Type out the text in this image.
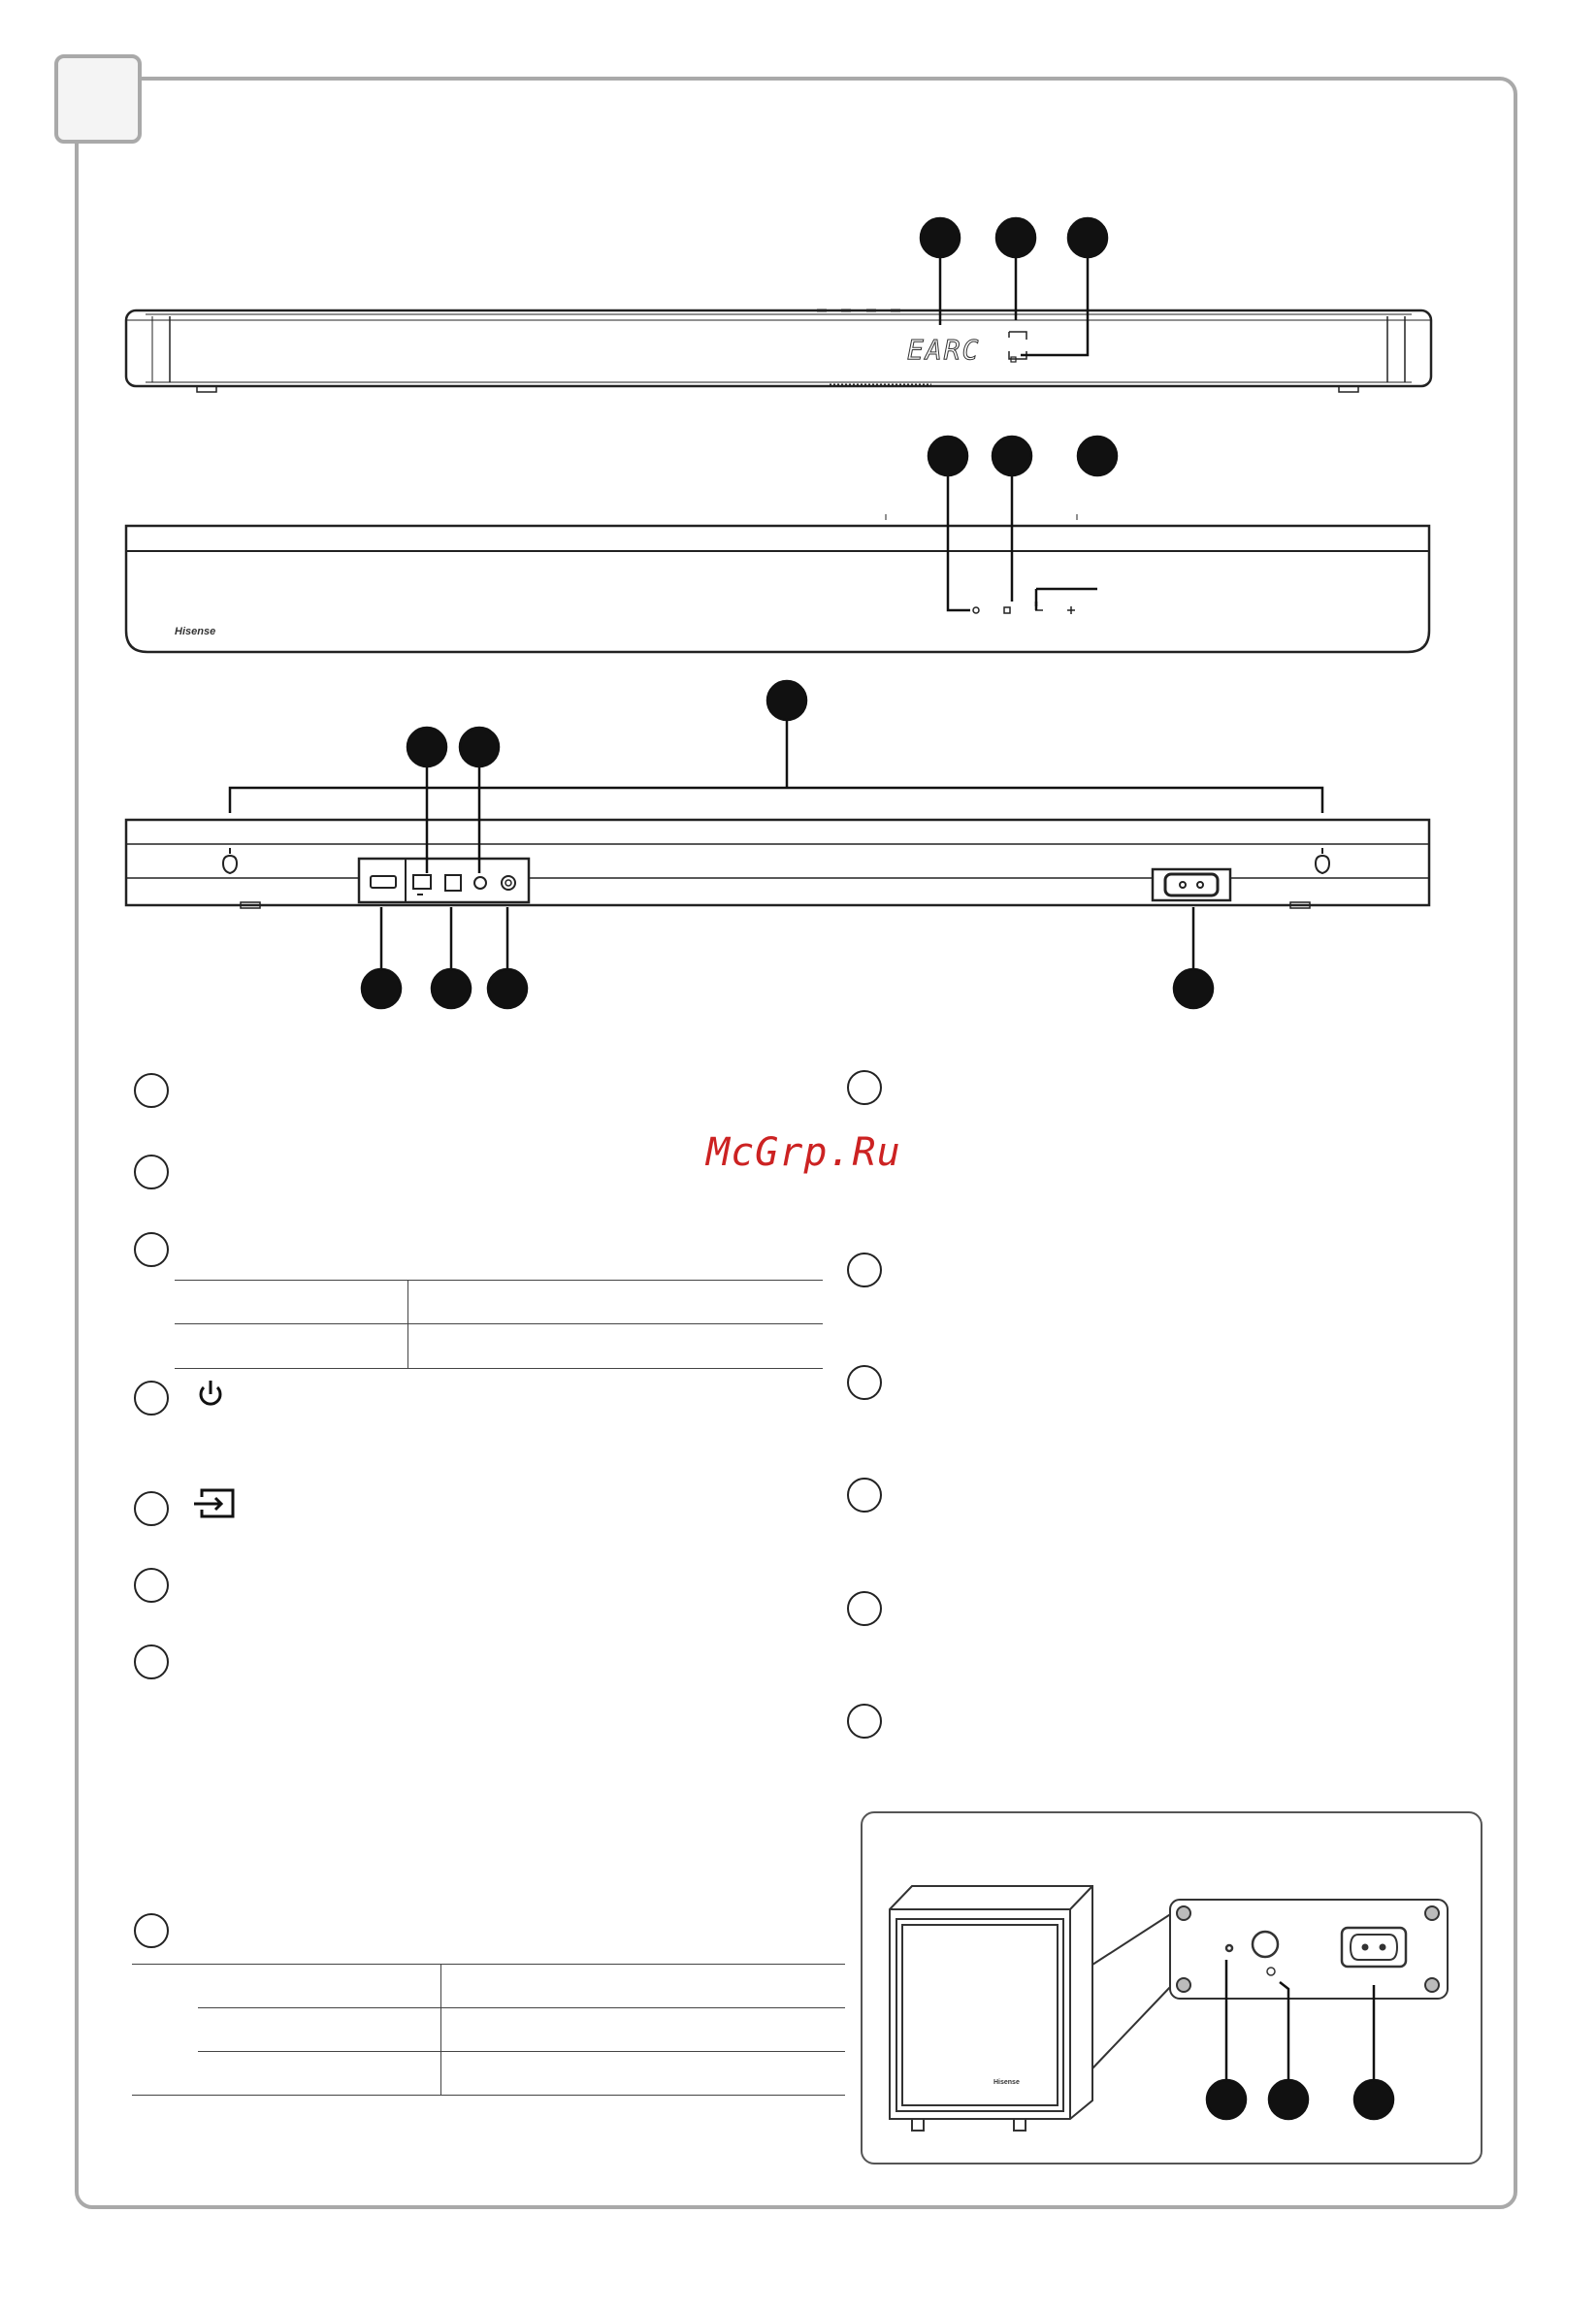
EARC
Hisense
Hisense
McGrp.Ru
